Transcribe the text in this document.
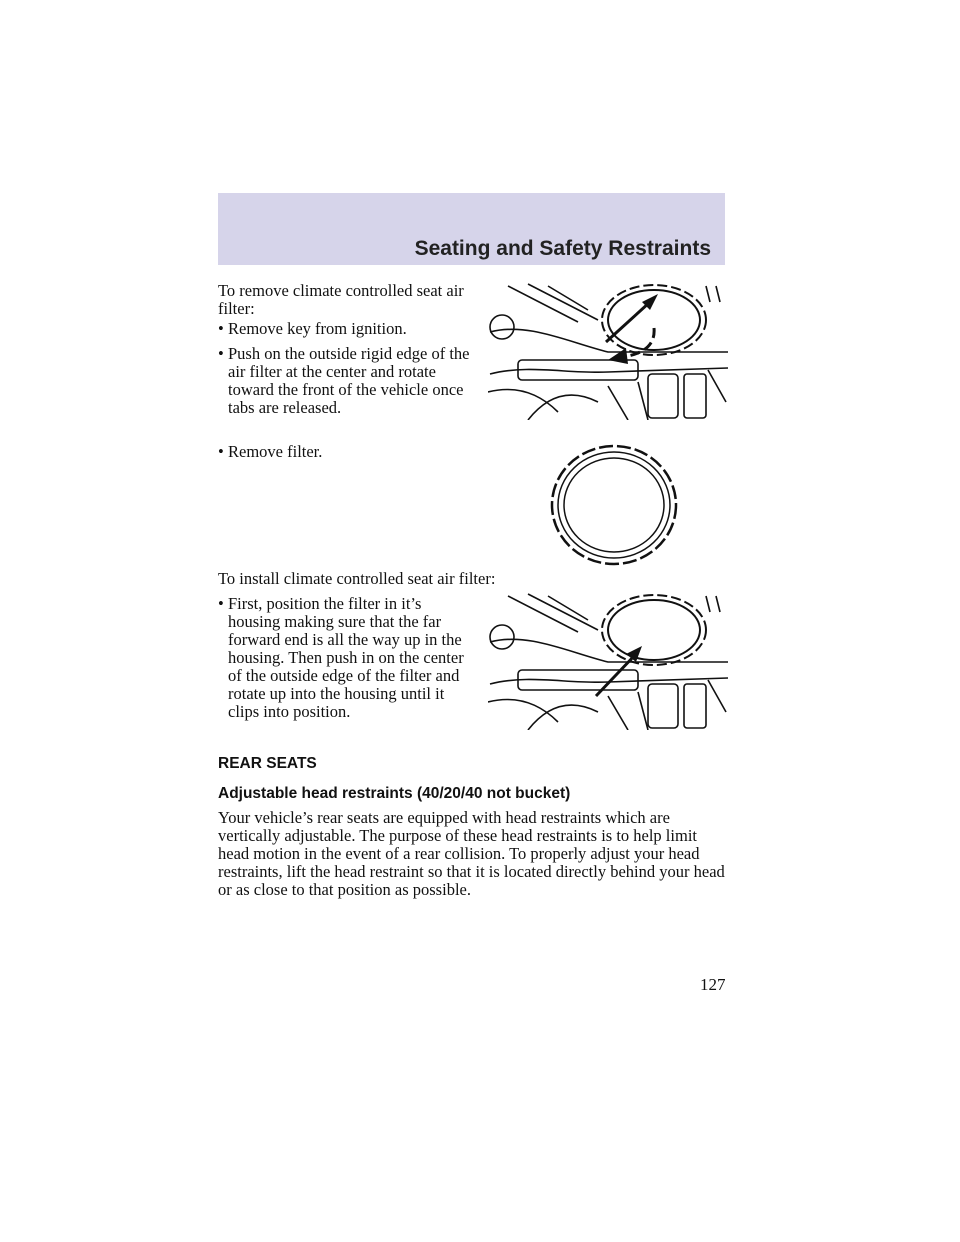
Seating and Safety Restraints

To remove climate controlled seat air filter:

• Remove key from ignition.
• Push on the outside rigid edge of the air filter at the center and rotate toward the front of the vehicle once tabs are released.
• Remove filter.

To install climate controlled seat air filter:

• First, position the filter in it’s housing making sure that the far forward end is all the way up in the housing. Then push in on the center of the outside edge of the filter and rotate up into the housing until it clips into position.

REAR SEATS

Adjustable head restraints (40/20/40 not bucket)

Your vehicle’s rear seats are equipped with head restraints which are vertically adjustable. The purpose of these head restraints is to help limit head motion in the event of a rear collision. To properly adjust your head restraints, lift the head restraint so that it is located directly behind your head or as close to that position as possible.

127
